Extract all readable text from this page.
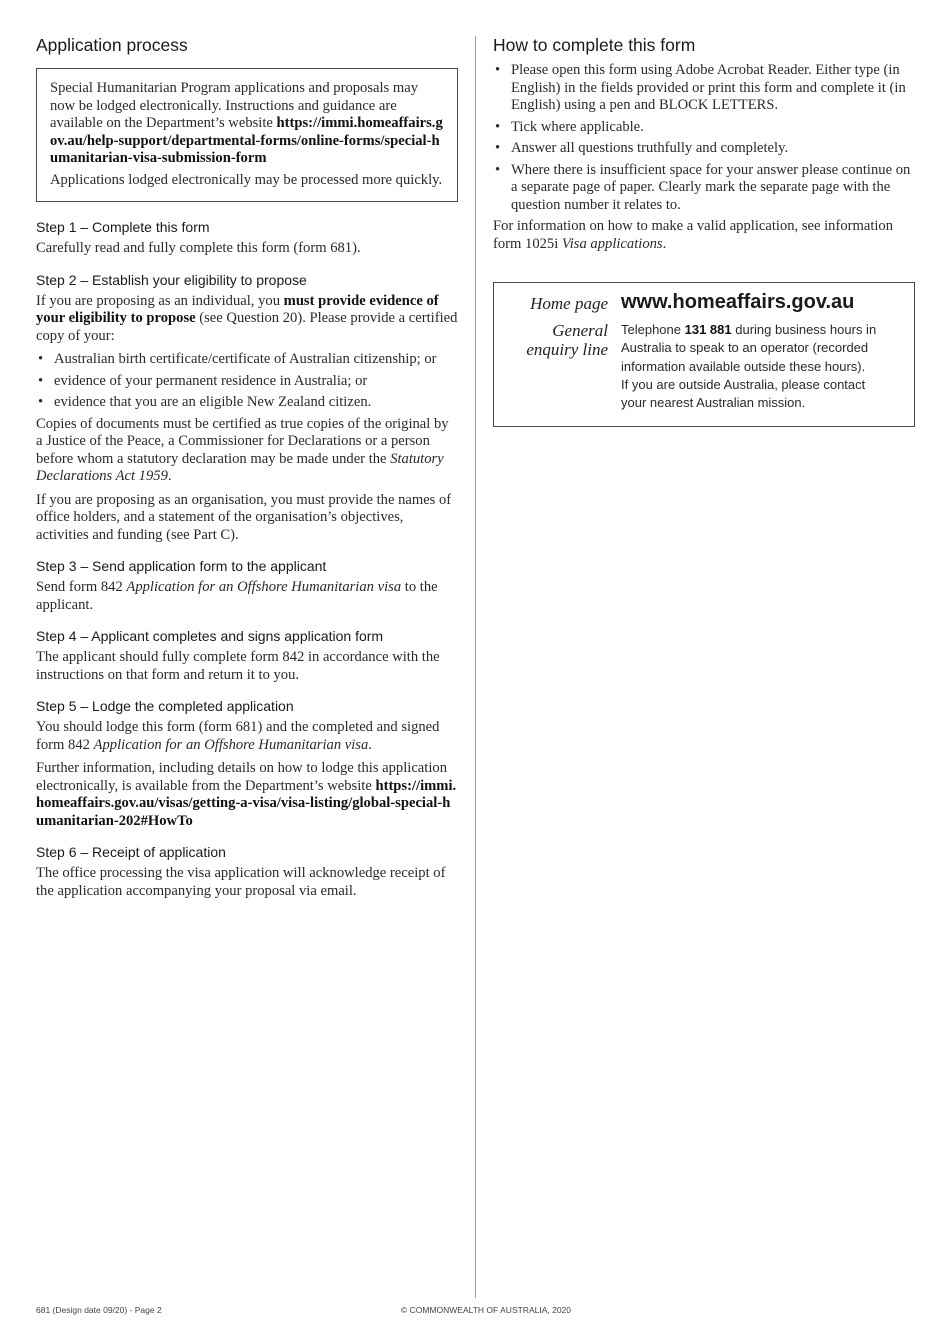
Application process

Special Humanitarian Program applications and proposals may now be lodged electronically. Instructions and guidance are available on the Department’s website https://immi.homeaffairs.gov.au/help-support/departmental-forms/online-forms/special-humanitarian-visa-submission-form

Applications lodged electronically may be processed more quickly.

Step 1 – Complete this form

Carefully read and fully complete this form (form 681).

Step 2 – Establish your eligibility to propose

If you are proposing as an individual, you must provide evidence of your eligibility to propose (see Question 20). Please provide a certified copy of your:

• Australian birth certificate/certificate of Australian citizenship; or
• evidence of your permanent residence in Australia; or
• evidence that you are an eligible New Zealand citizen.

Copies of documents must be certified as true copies of the original by a Justice of the Peace, a Commissioner for Declarations or a person before whom a statutory declaration may be made under the Statutory Declarations Act 1959.

If you are proposing as an organisation, you must provide the names of office holders, and a statement of the organisation’s objectives, activities and funding (see Part C).

Step 3 – Send application form to the applicant

Send form 842 Application for an Offshore Humanitarian visa to the applicant.

Step 4 – Applicant completes and signs application form

The applicant should fully complete form 842 in accordance with the instructions on that form and return it to you.

Step 5 – Lodge the completed application

You should lodge this form (form 681) and the completed and signed form 842 Application for an Offshore Humanitarian visa.

Further information, including details on how to lodge this application electronically, is available from the Department’s website https://immi.homeaffairs.gov.au/visas/getting-a-visa/visa-listing/global-special-humanitarian-202#HowTo

Step 6 – Receipt of application

The office processing the visa application will acknowledge receipt of the application accompanying your proposal via email.

How to complete this form
• Please open this form using Adobe Acrobat Reader. Either type (in English) in the fields provided or print this form and complete it (in English) using a pen and BLOCK LETTERS.
• Tick where applicable.
• Answer all questions truthfully and completely.
• Where there is insufficient space for your answer please continue on a separate page of paper. Clearly mark the separate page with the question number it relates to.

For information on how to make a valid application, see information form 1025i Visa applications.

Home page www.homeaffairs.gov.au
General
enquiry line
Telephone 131 881 during business hours in Australia to speak to an operator (recorded information available outside these hours).
If you are outside Australia, please contact your nearest Australian mission.
681 (Design date 09/20) - Page 2	© COMMONWEALTH OF AUSTRALIA, 2020
